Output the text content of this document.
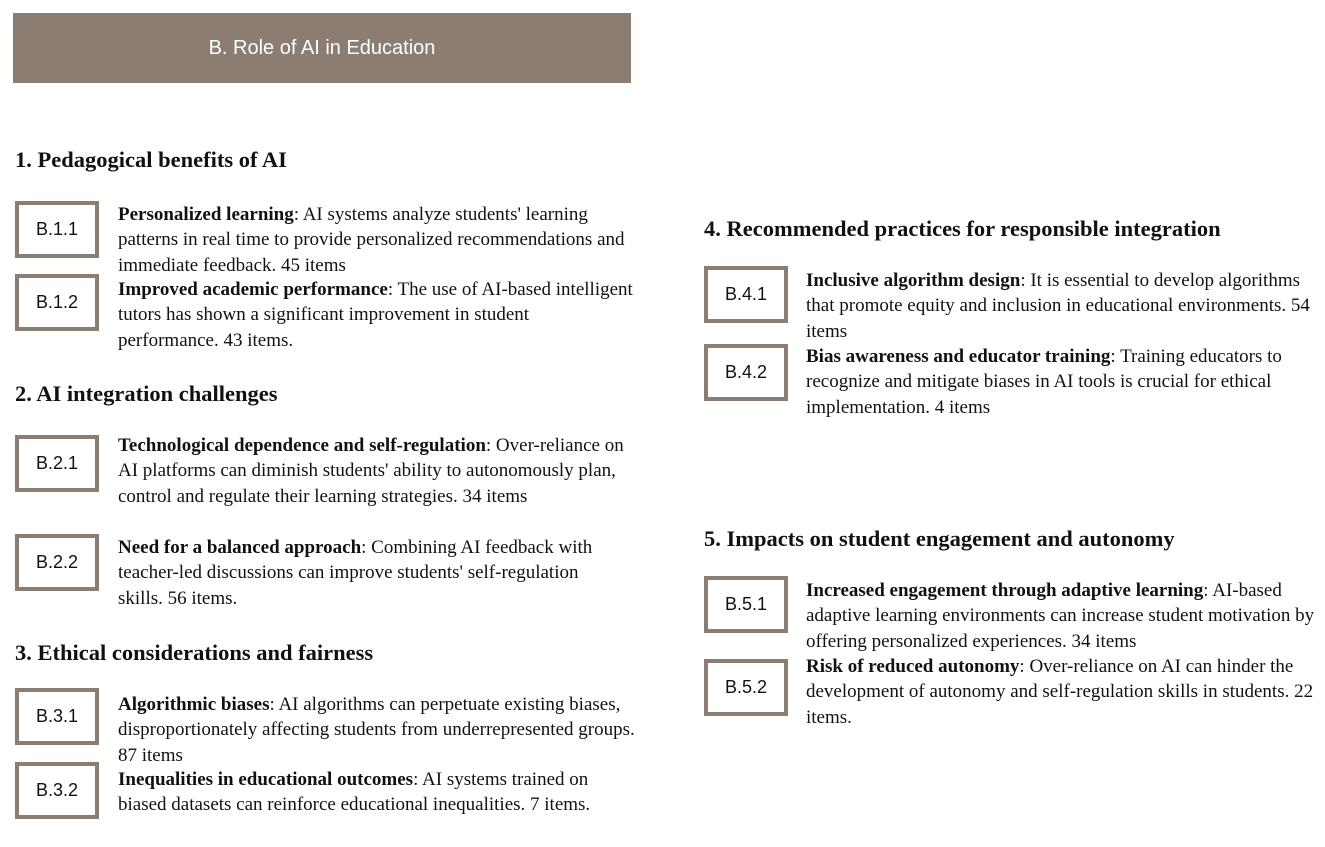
B. Role of AI in Education
1. Pedagogical benefits of AI
B.1.1
Personalized learning: AI systems analyze students' learning patterns in real time to provide personalized recommendations and immediate feedback. 45 items
B.1.2
Improved academic performance: The use of AI-based intelligent tutors has shown a significant improvement in student performance. 43 items.
2. AI integration challenges
B.2.1
Technological dependence and self-regulation: Over-reliance on AI platforms can diminish students' ability to autonomously plan, control and regulate their learning strategies. 34 items
B.2.2
Need for a balanced approach: Combining AI feedback with teacher-led discussions can improve students' self-regulation skills. 56 items.
3. Ethical considerations and fairness
B.3.1
Algorithmic biases: AI algorithms can perpetuate existing biases, disproportionately affecting students from underrepresented groups. 87 items
B.3.2 Inequalities in educational outcomes: AI systems trained on biased datasets can reinforce educational inequalities. 7 items.
4. Recommended practices for responsible integration
B.4.1
Inclusive algorithm design: It is essential to develop algorithms that promote equity and inclusion in educational environments. 54 items
B.4.2
Bias awareness and educator training: Training educators to recognize and mitigate biases in AI tools is crucial for ethical implementation. 4 items
5. Impacts on student engagement and autonomy
B.5.1
Increased engagement through adaptive learning: AI-based adaptive learning environments can increase student motivation by offering personalized experiences. 34 items
B.5.2
Risk of reduced autonomy: Over-reliance on AI can hinder the development of autonomy and self-regulation skills in students. 22 items.
